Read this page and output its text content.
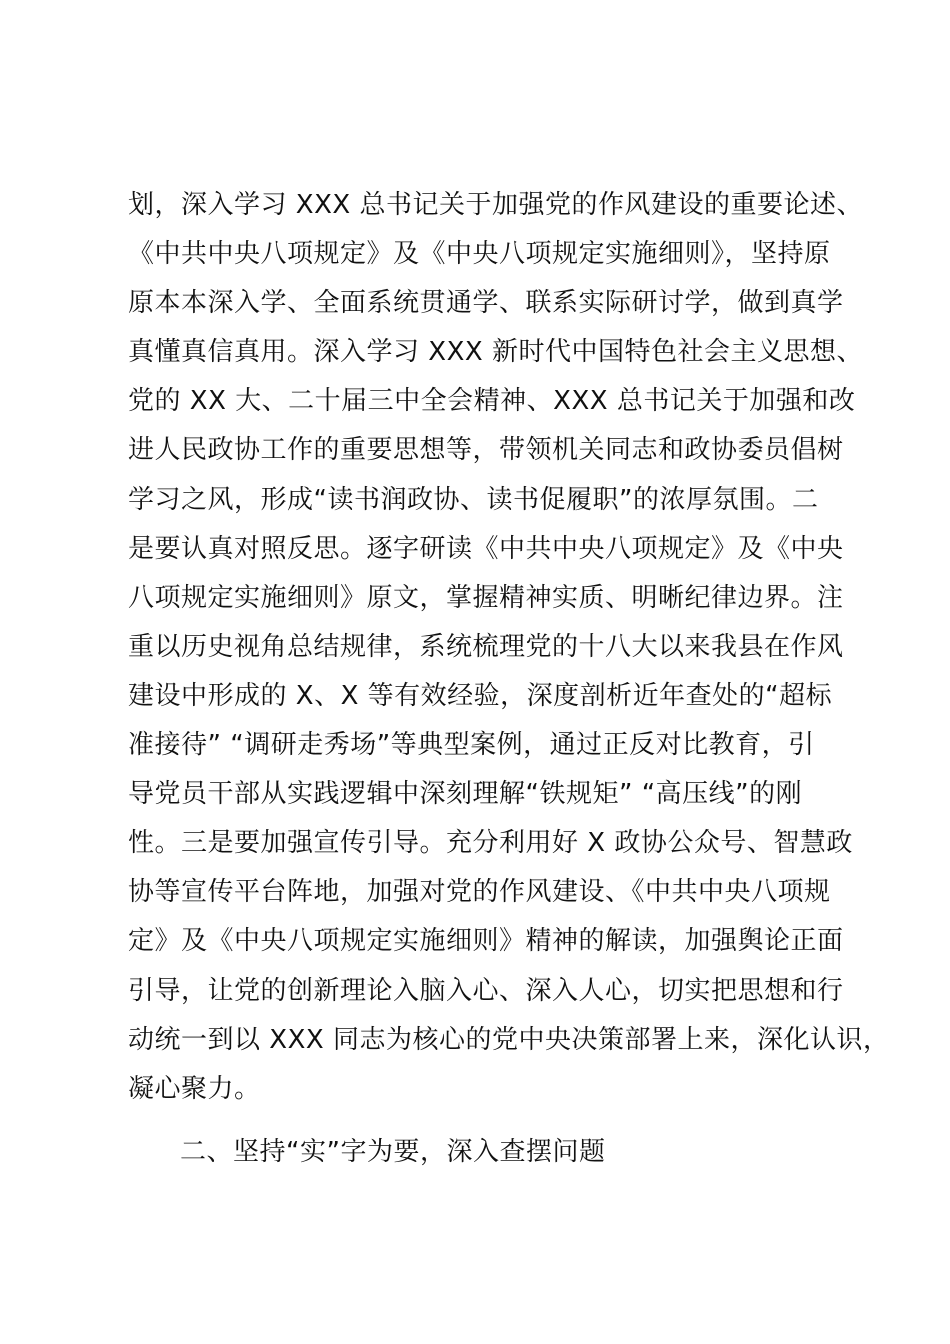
划，深入学习 XXX 总书记关于加强党的作风建设的重要论述、
《中共中央八项规定》及《中央八项规定实施细则》，坚持原
原本本深入学、全面系统贯通学、联系实际研讨学，做到真学
真懂真信真用。深入学习 XXX 新时代中国特色社会主义思想、
党的 XX 大、二十届三中全会精神、XXX 总书记关于加强和改
进人民政协工作的重要思想等，带领机关同志和政协委员倡树
学习之风，形成“读书润政协、读书促履职”的浓厚氛围。二
是要认真对照反思。逐字研读《中共中央八项规定》及《中央
八项规定实施细则》原文，掌握精神实质、明晰纪律边界。注
重以历史视角总结规律，系统梳理党的十八大以来我县在作风
建设中形成的 X、X 等有效经验，深度剖析近年查处的“超标
准接待” “调研走秀场”等典型案例，通过正反对比教育，引
导党员干部从实践逻辑中深刻理解“铁规矩” “高压线”的刚
性。三是要加强宣传引导。充分利用好 X 政协公众号、智慧政
协等宣传平台阵地，加强对党的作风建设、《中共中央八项规
定》及《中央八项规定实施细则》精神的解读，加强舆论正面
引导，让党的创新理论入脑入心、深入人心，切实把思想和行
动统一到以 XXX 同志为核心的党中央决策部署上来，深化认识，
凝心聚力。
二、坚持“实”字为要，深入查摆问题
